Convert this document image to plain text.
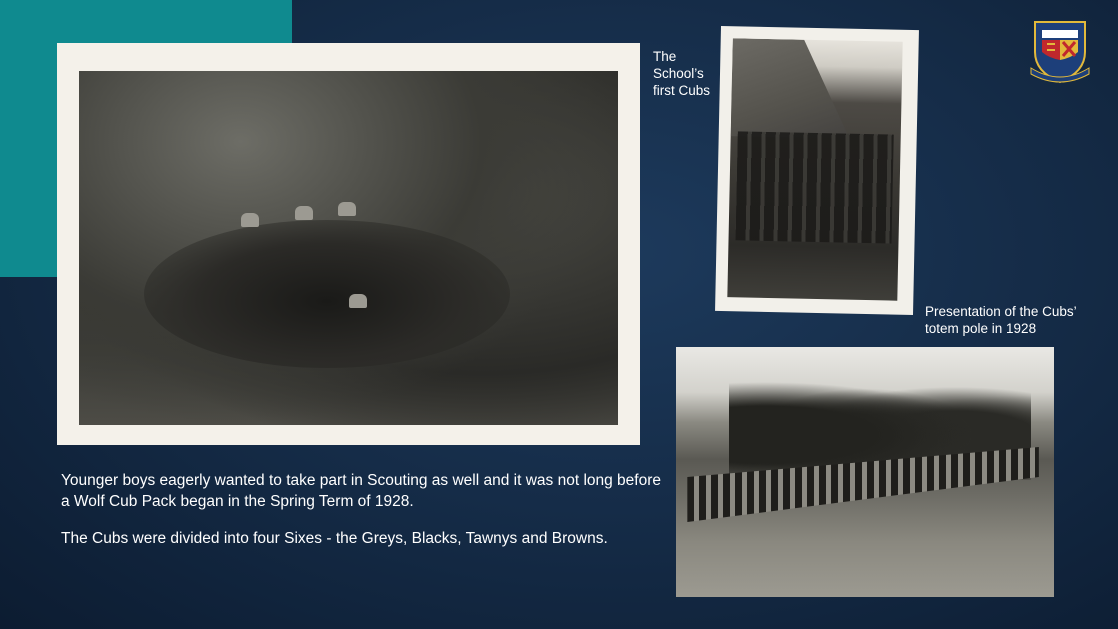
The School’s first Cubs

Presentation of the Cubs’ totem pole in 1928

Younger boys eagerly wanted to take part in Scouting as well and it was not long before a Wolf Cub Pack began in the Spring Term of 1928.

The Cubs were divided into four Sixes - the Greys, Blacks, Tawnys and Browns.
